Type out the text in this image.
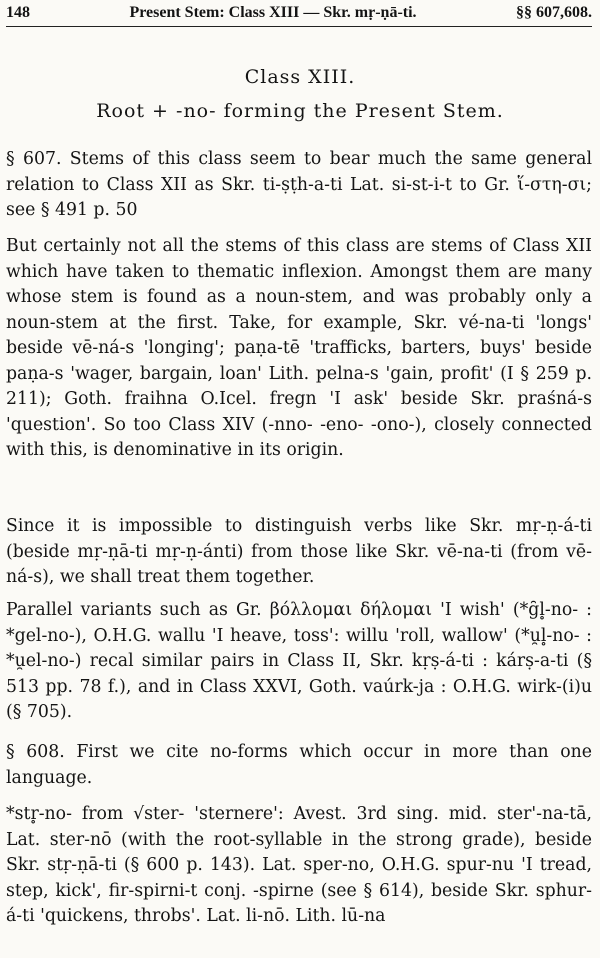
148	Present Stem: Class XIII — Skr. mṛ-ṇā-ti.	§§ 607,608.
Class XIII.
Root + -no- forming the Present Stem.
§ 607. Stems of this class seem to bear much the same general relation to Class XII as Skr. ti-ṣṭh-a-ti Lat. si-st-i-t to Gr. ἵ-στη-σι; see § 491 p. 50
But certainly not all the stems of this class are stems of Class XII which have taken to thematic inflexion. Amongst them are many whose stem is found as a noun-stem, and was probably only a noun-stem at the first. Take, for example, Skr. vé-na-ti 'longs' beside vē-ná-s 'longing'; paṇa-tē 'trafficks, barters, buys' beside paṇa-s 'wager, bargain, loan' Lith. pelna-s 'gain, profit' (I § 259 p. 211); Goth. fraihna O.Icel. fregn 'I ask' beside Skr. praśná-s 'question'. So too Class XIV (-nno- -eno- -ono-), closely connected with this, is denominative in its origin.
Since it is impossible to distinguish verbs like Skr. mṛ-ṇ-á-ti (beside mṛ-ṇā-ti mṛ-ṇ-ánti) from those like Skr. vē-na-ti (from vē-ná-s), we shall treat them together.
Parallel variants such as Gr. βόλλομαι δήλομαι 'I wish' (*g̑l̥-no- : *gel-no-), O.H.G. wallu 'I heave, toss': willu 'roll, wallow' (*u̯l̥-no- : *u̯el-no-) recal similar pairs in Class II, Skr. kṛṣ-á-ti : kárṣ-a-ti (§ 513 pp. 78 f.), and in Class XXVI, Goth. vaúrk-ja : O.H.G. wirk-(i)u (§ 705).
§ 608. First we cite no-forms which occur in more than one language.
*str̥-no- from √ster- 'sternere': Avest. 3rd sing. mid. ster'-na-tā, Lat. ster-nō (with the root-syllable in the strong grade), beside Skr. stṛ-ṇā-ti (§ 600 p. 143). Lat. sper-no, O.H.G. spur-nu 'I tread, step, kick', fir-spirni-t conj. -spirne (see § 614), beside Skr. sphur-á-ti 'quickens, throbs'. Lat. li-nō. Lith. lū-na
